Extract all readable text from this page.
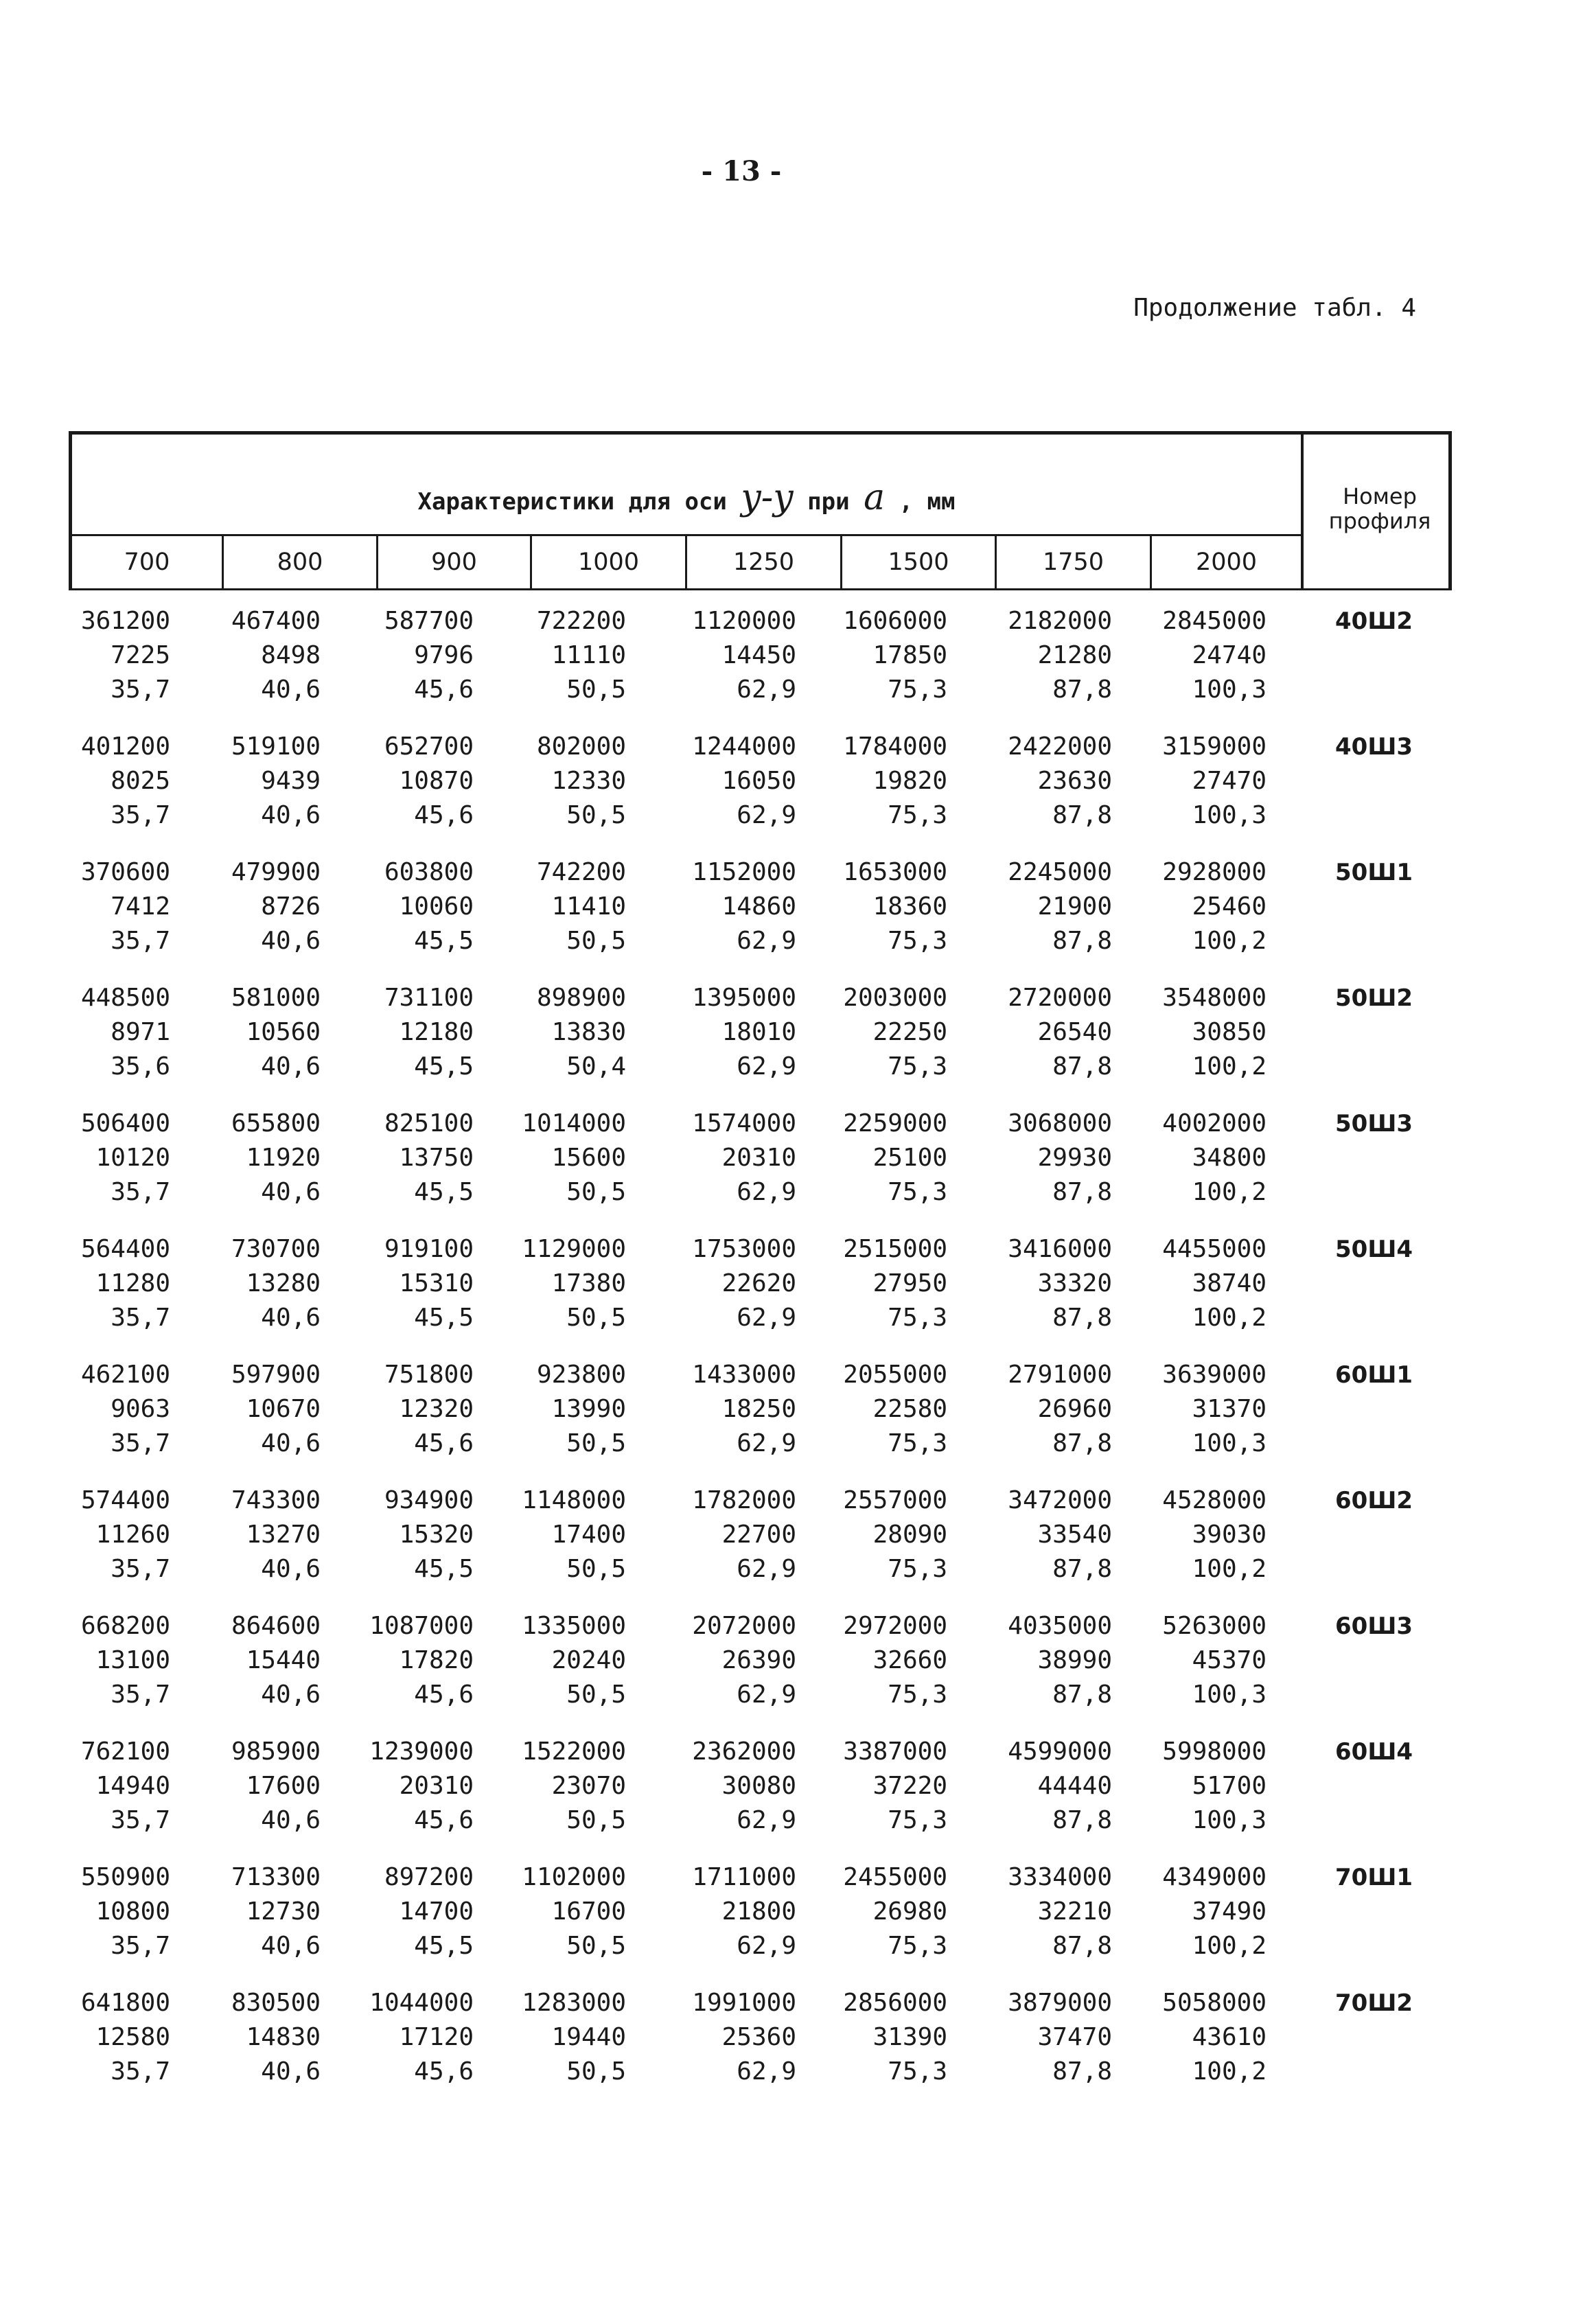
- 13 -
Продолжение табл. 4
Характеристики для оси y-y при a , мм	Номер профиля
700	800	900	1000	1250	1500	1750	2000
361200	467400	587700	722200	1120000	1606000	2182000	2845000	40Ш2
7225	8498	9796	11110	14450	17850	21280	24740
35,7	40,6	45,6	50,5	62,9	75,3	87,8	100,3
401200	519100	652700	802000	1244000	1784000	2422000	3159000	40Ш3
8025	9439	10870	12330	16050	19820	23630	27470
35,7	40,6	45,6	50,5	62,9	75,3	87,8	100,3
370600	479900	603800	742200	1152000	1653000	2245000	2928000	50Ш1
7412	8726	10060	11410	14860	18360	21900	25460
35,7	40,6	45,5	50,5	62,9	75,3	87,8	100,2
448500	581000	731100	898900	1395000	2003000	2720000	3548000	50Ш2
8971	10560	12180	13830	18010	22250	26540	30850
35,6	40,6	45,5	50,4	62,9	75,3	87,8	100,2
506400	655800	825100	1014000	1574000	2259000	3068000	4002000	50Ш3
10120	11920	13750	15600	20310	25100	29930	34800
35,7	40,6	45,5	50,5	62,9	75,3	87,8	100,2
564400	730700	919100	1129000	1753000	2515000	3416000	4455000	50Ш4
11280	13280	15310	17380	22620	27950	33320	38740
35,7	40,6	45,5	50,5	62,9	75,3	87,8	100,2
462100	597900	751800	923800	1433000	2055000	2791000	3639000	60Ш1
9063	10670	12320	13990	18250	22580	26960	31370
35,7	40,6	45,6	50,5	62,9	75,3	87,8	100,3
574400	743300	934900	1148000	1782000	2557000	3472000	4528000	60Ш2
11260	13270	15320	17400	22700	28090	33540	39030
35,7	40,6	45,5	50,5	62,9	75,3	87,8	100,2
668200	864600	1087000	1335000	2072000	2972000	4035000	5263000	60Ш3
13100	15440	17820	20240	26390	32660	38990	45370
35,7	40,6	45,6	50,5	62,9	75,3	87,8	100,3
762100	985900	1239000	1522000	2362000	3387000	4599000	5998000	60Ш4
14940	17600	20310	23070	30080	37220	44440	51700
35,7	40,6	45,6	50,5	62,9	75,3	87,8	100,3
550900	713300	897200	1102000	1711000	2455000	3334000	4349000	70Ш1
10800	12730	14700	16700	21800	26980	32210	37490
35,7	40,6	45,5	50,5	62,9	75,3	87,8	100,2
641800	830500	1044000	1283000	1991000	2856000	3879000	5058000	70Ш2
12580	14830	17120	19440	25360	31390	37470	43610
35,7	40,6	45,6	50,5	62,9	75,3	87,8	100,2
